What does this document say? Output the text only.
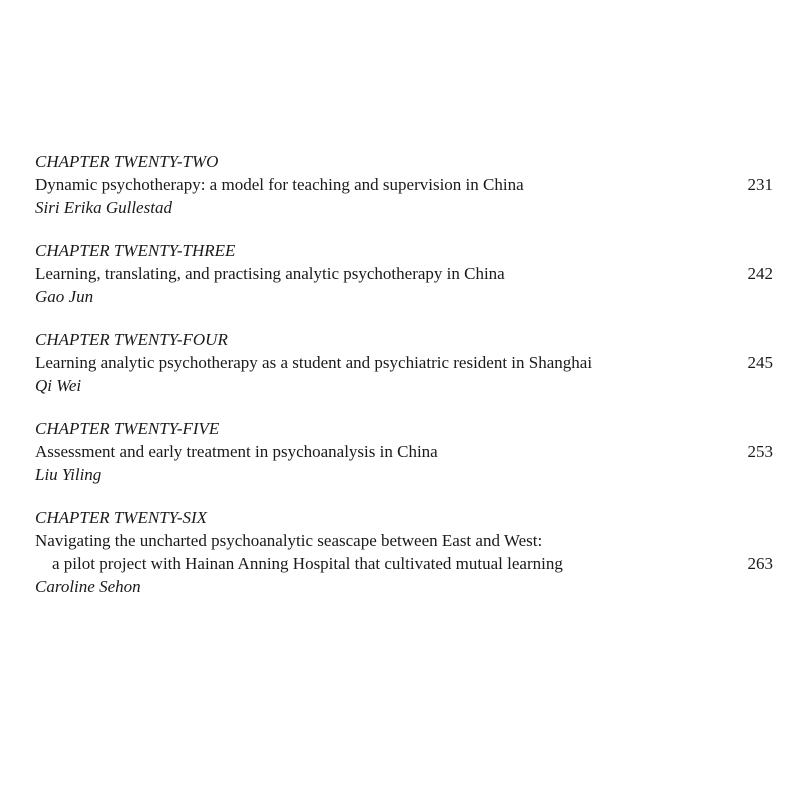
CHAPTER TWENTY-TWO
Dynamic psychotherapy: a model for teaching and supervision in China	231
Siri Erika Gullestad
CHAPTER TWENTY-THREE
Learning, translating, and practising analytic psychotherapy in China	242
Gao Jun
CHAPTER TWENTY-FOUR
Learning analytic psychotherapy as a student and psychiatric resident in Shanghai	245
Qi Wei
CHAPTER TWENTY-FIVE
Assessment and early treatment in psychoanalysis in China	253
Liu Yiling
CHAPTER TWENTY-SIX
Navigating the uncharted psychoanalytic seascape between East and West:
a pilot project with Hainan Anning Hospital that cultivated mutual learning	263
Caroline Sehon
